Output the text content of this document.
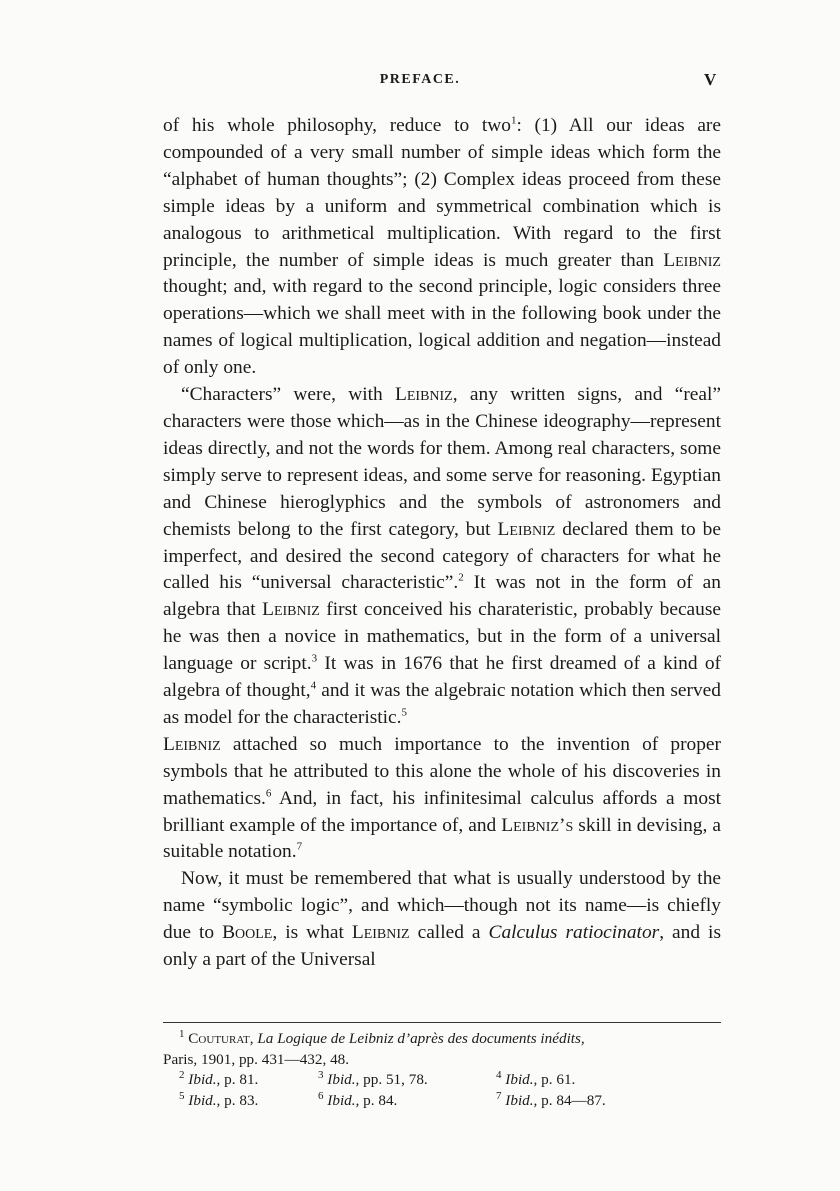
PREFACE.	V

of his whole philosophy, reduce to two$^1$: (1) All our ideas are compounded of a very small number of simple ideas which form the “alphabet of human thoughts”; (2) Complex ideas proceed from these simple ideas by a uniform and symmetrical combination which is analogous to arithmetical multiplication. With regard to the first principle, the number of simple ideas is much greater than Leibniz thought; and, with regard to the second principle, logic considers three operations—which we shall meet with in the following book under the names of logical multiplication, logical addition and negation—instead of only one.

“Characters” were, with Leibniz, any written signs, and “real” characters were those which—as in the Chinese ideography—represent ideas directly, and not the words for them. Among real characters, some simply serve to represent ideas, and some serve for reasoning. Egyptian and Chinese hieroglyphics and the symbols of astronomers and chemists belong to the first category, but Leibniz declared them to be imperfect, and desired the second category of characters for what he called his “universal characteristic”.$^2$ It was not in the form of an algebra that Leibniz first conceived his charateristic, probably because he was then a novice in mathematics, but in the form of a universal language or script.$^3$ It was in 1676 that he first dreamed of a kind of algebra of thought,$^4$ and it was the algebraic notation which then served as model for the characteristic.$^5$

Leibniz attached so much importance to the invention of proper symbols that he attributed to this alone the whole of his discoveries in mathematics.$^6$ And, in fact, his infinitesimal calculus affords a most brilliant example of the importance of, and Leibniz’s skill in devising, a suitable notation.$^7$

Now, it must be remembered that what is usually understood by the name “symbolic logic”, and which—though not its name—is chiefly due to Boole, is what Leibniz called a Calculus ratiocinator, and is only a part of the Universal

$^1$ Couturat, La Logique de Leibniz d’après des documents inédits,
Paris, 1901, pp. 431—432, 48.
$^2$ Ibid., p. 81.	$^3$ Ibid., pp. 51, 78.	$^4$ Ibid., p. 61.
$^5$ Ibid., p. 83.	$^6$ Ibid., p. 84.	$^7$ Ibid., p. 84—87.
